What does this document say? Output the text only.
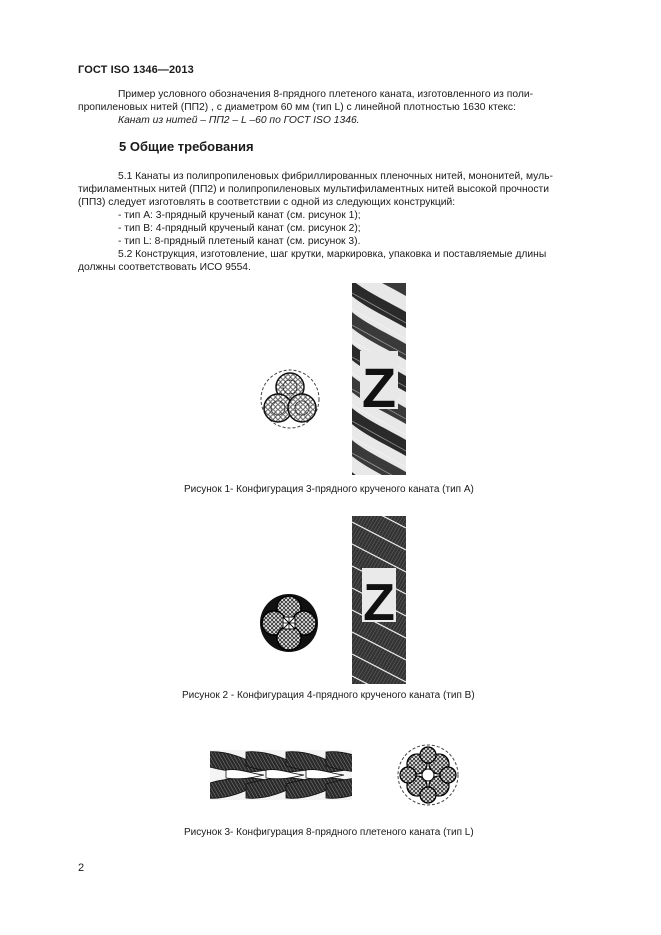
ГОСТ ISO 1346—2013
Пример условного обозначения 8-прядного плетеного каната, изготовленного из поли-
пропиленовых нитей (ПП2) , с диаметром 60 мм (тип L) с линейной плотностью 1630 ктекс:
Канат из нитей – ПП2 – L –60 по ГОСТ ISO 1346.
5 Общие требования
5.1 Канаты из полипропиленовых фибриллированных пленочных нитей, мононитей, муль-
тифиламентных нитей (ПП2) и полипропиленовых мультифиламентных нитей высокой прочности
(ПП3) следует изготовлять в соответствии с одной из следующих конструкций:
- тип А: 3-прядный крученый канат (см. рисунок 1);
- тип В: 4-прядный крученый канат (см. рисунок 2);
- тип L: 8-прядный плетеный канат (см. рисунок 3).
5.2 Конструкция, изготовление, шаг крутки, маркировка, упаковка и поставляемые длины
должны соответствовать ИСО 9554.
Z
Рисунок 1- Конфигурация 3-прядного крученого каната (тип А)
Z
Рисунок 2 - Конфигурация 4-прядного крученого каната (тип В)
Рисунок 3- Конфигурация 8-прядного плетеного каната (тип L)
2
